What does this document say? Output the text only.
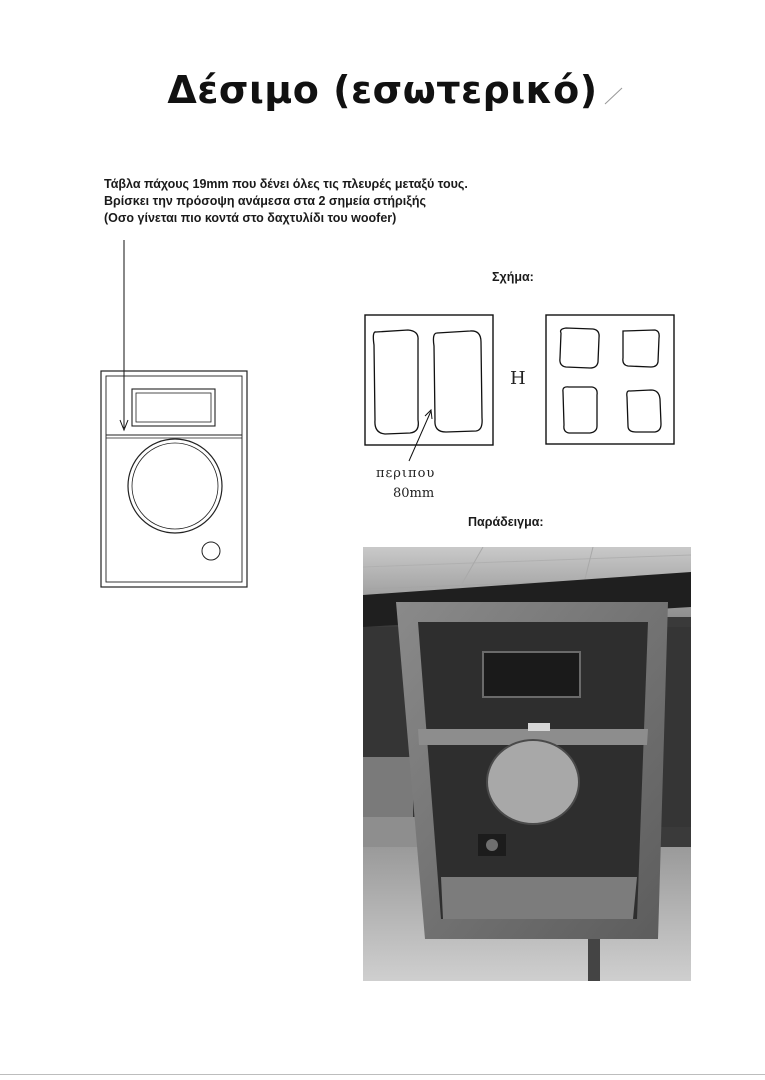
Δέσιμο (εσωτερικό)
Τάβλα πάχους 19mm που δένει όλες τις πλευρές μεταξύ τους.
Βρίσκει την πρόσοψη ανάμεσα στα 2 σημεία στήριξής
(Οσο γίνεται πιο κοντά στο δαχτυλίδι του woofer)
Σχήμα:
Παράδειγμα:
Η
περιπου
80mm
